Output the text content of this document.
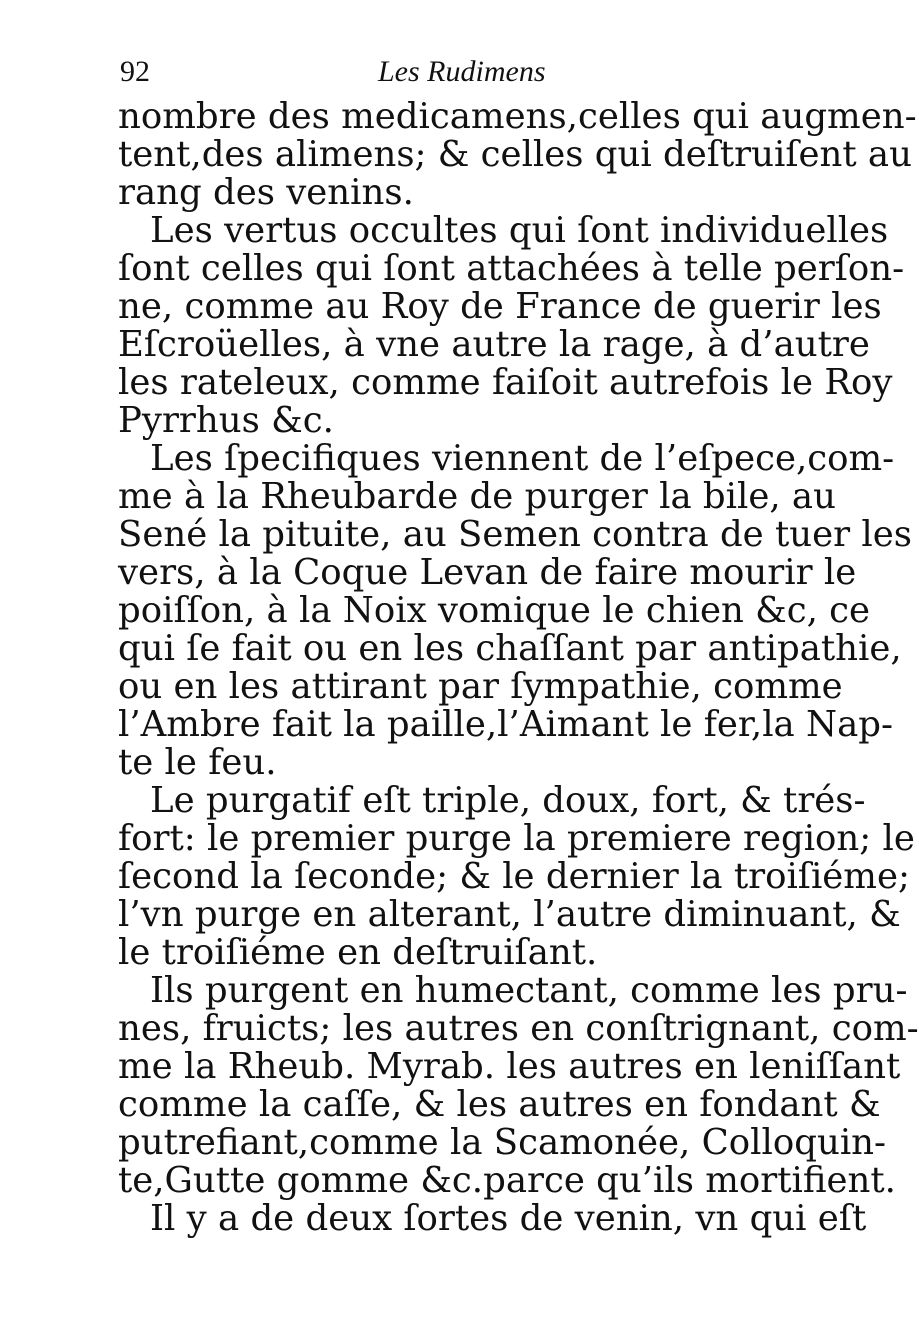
92	Les Rudimens
nombre des medicamens,celles qui augmen-
tent,des alimens; & celles qui deſtruiſent au
rang des venins.
Les vertus occultes qui ſont individuelles
ſont celles qui ſont attachées à telle perſon-
ne, comme au Roy de France de guerir les
Eſcroüelles, à vne autre la rage, à d’autre
les rateleux, comme faiſoit autrefois le Roy
Pyrrhus &c.
Les ſpecifiques viennent de l’eſpece,com-
me à la Rheubarde de purger la bile, au
Sené la pituite, au Semen contra de tuer les
vers, à la Coque Levan de faire mourir le
poiſſon, à la Noix vomique le chien &c, ce
qui ſe fait ou en les chaſſant par antipathie,
ou en les attirant par ſympathie, comme
l’Ambre fait la paille,l’Aimant le fer,la Nap-
te le feu.
Le purgatif eſt triple, doux, fort, & trés-
fort: le premier purge la premiere region; le
ſecond la ſeconde; & le dernier la troiſiéme;
l’vn purge en alterant, l’autre diminuant, &
le troiſiéme en deſtruiſant.
Ils purgent en humectant, comme les pru-
nes, fruicts; les autres en conſtrignant, com-
me la Rheub. Myrab. les autres en leniſſant
comme la caſſe, & les autres en fondant &
putrefiant,comme la Scamonée, Colloquin-
te,Gutte gomme &c.parce qu’ils mortifient.
Il y a de deux ſortes de venin, vn qui eſt
